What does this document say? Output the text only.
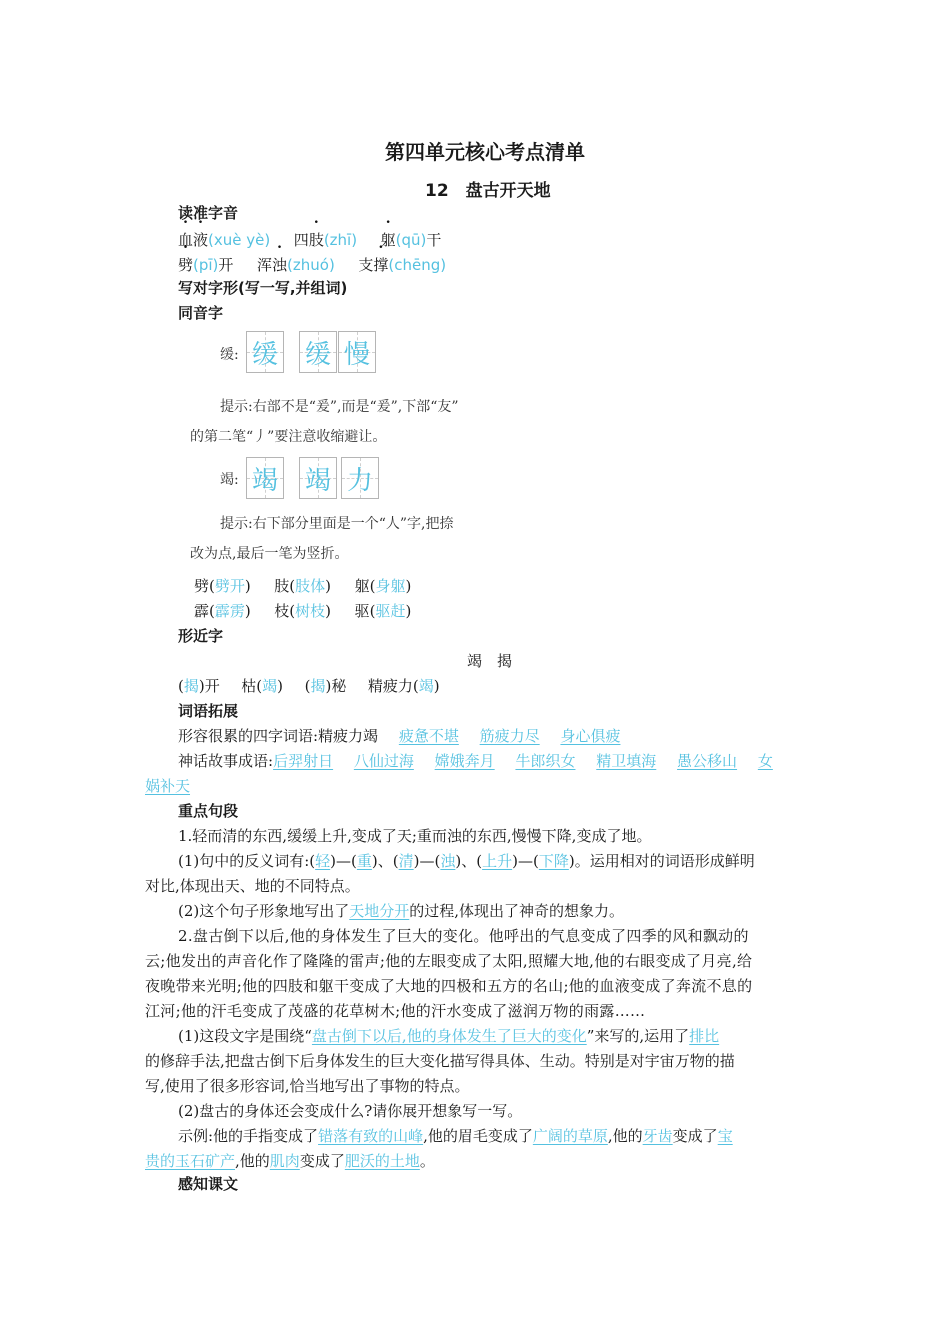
第四单元核心考点清单
12　盘古开天地
读准字音
血液(xuè yè) 四肢(zhī) 躯(qū)干
劈(pī)开 浑浊(zhuó) 支撑(chēng)
写对字形(写一写,并组词)
同音字
缓: 缓 缓 慢
提示:右部不是“爰”,而是“爰”,下部“友”
的第二笔“丿”要注意收缩避让。
竭: 竭 竭 力
提示:右下部分里面是一个“人”字,把捺
改为点,最后一笔为竖折。
劈(劈开) 肢(肢体) 躯(身躯)
霹(霹雳) 枝(树枝) 驱(驱赶)
形近字
竭　揭
(揭)开 枯(竭) (揭)秘 精疲力(竭)
词语拓展
形容很累的四字词语:精疲力竭 疲惫不堪 筋疲力尽 身心俱疲
神话故事成语:后羿射日 八仙过海 嫦娥奔月 牛郎织女 精卫填海 愚公移山 女
娲补天
重点句段
1.轻而清的东西,缓缓上升,变成了天;重而浊的东西,慢慢下降,变成了地。
(1)句中的反义词有:(轻)—(重)、(清)—(浊)、(上升)—(下降)。运用相对的词语形成鲜明
对比,体现出天、地的不同特点。
(2)这个句子形象地写出了天地分开的过程,体现出了神奇的想象力。
2.盘古倒下以后,他的身体发生了巨大的变化。他呼出的气息变成了四季的风和飘动的
云;他发出的声音化作了隆隆的雷声;他的左眼变成了太阳,照耀大地,他的右眼变成了月亮,给
夜晚带来光明;他的四肢和躯干变成了大地的四极和五方的名山;他的血液变成了奔流不息的
江河;他的汗毛变成了茂盛的花草树木;他的汗水变成了滋润万物的雨露……
(1)这段文字是围绕“盘古倒下以后,他的身体发生了巨大的变化”来写的,运用了排比
的修辞手法,把盘古倒下后身体发生的巨大变化描写得具体、生动。特别是对宇宙万物的描
写,使用了很多形容词,恰当地写出了事物的特点。
(2)盘古的身体还会变成什么?请你展开想象写一写。
示例:他的手指变成了错落有致的山峰,他的眉毛变成了广阔的草原,他的牙齿变成了宝
贵的玉石矿产,他的肌肉变成了肥沃的土地。
感知课文
